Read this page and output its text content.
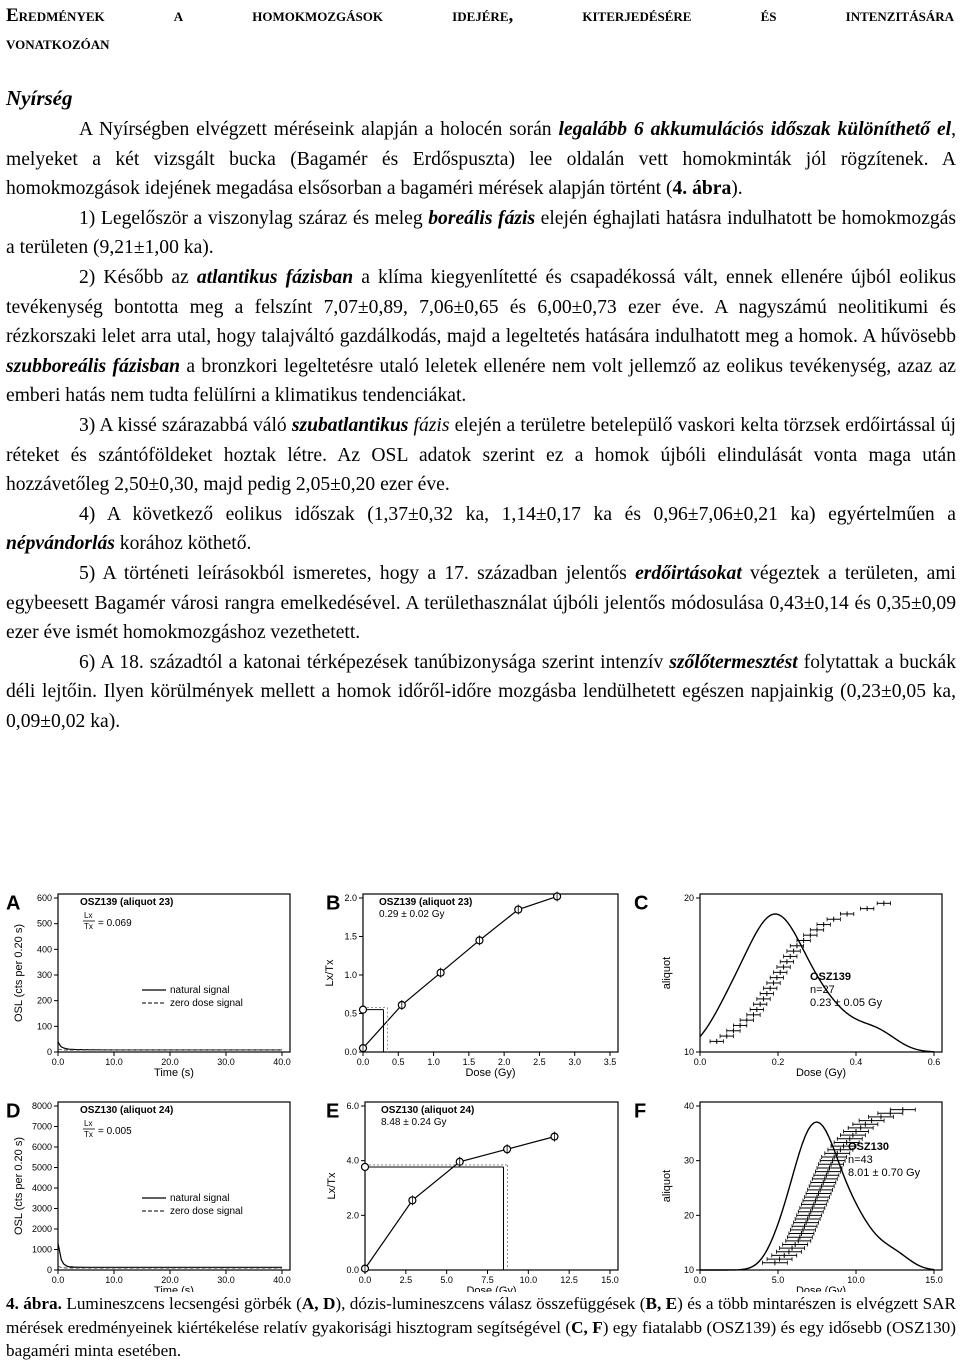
Eredmények a homokmozgások idejére, kiterjedésére és intenzitására
vonatkozóan
Nyírség

A Nyírségben elvégzett méréseink alapján a holocén során legalább 6 akkumulációs időszak különíthető el, melyeket a két vizsgált bucka (Bagamér és Erdőspuszta) lee oldalán vett homokminták jól rögzítenek. A homokmozgások idejének megadása elsősorban a bagaméri mérések alapján történt (4. ábra).

1) Legelőször a viszonylag száraz és meleg boreális fázis elején éghajlati hatásra indulhatott be homokmozgás a területen (9,21±1,00 ka).

2) Később az atlantikus fázisban a klíma kiegyenlítetté és csapadékossá vált, ennek ellenére újból eolikus tevékenység bontotta meg a felszínt 7,07±0,89, 7,06±0,65 és 6,00±0,73 ezer éve. A nagyszámú neolitikumi és rézkorszaki lelet arra utal, hogy talajváltó gazdálkodás, majd a legeltetés hatására indulhatott meg a homok. A hűvösebb szubboreális fázisban a bronzkori legeltetésre utaló leletek ellenére nem volt jellemző az eolikus tevékenység, azaz az emberi hatás nem tudta felülírni a klimatikus tendenciákat.

3) A kissé szárazabbá váló szubatlantikus fázis elején a területre betelepülő vaskori kelta törzsek erdőirtással új réteket és szántóföldeket hoztak létre. Az OSL adatok szerint ez a homok újbóli elindulását vonta maga után hozzávetőleg 2,50±0,30, majd pedig 2,05±0,20 ezer éve.

4) A következő eolikus időszak (1,37±0,32 ka, 1,14±0,17 ka és 0,96±7,06±0,21 ka) egyértelműen a népvándorlás korához köthető.

5) A történeti leírásokból ismeretes, hogy a 17. században jelentős erdőirtásokat végeztek a területen, ami egybeesett Bagamér városi rangra emelkedésével. A területhasználat újbóli jelentős módosulása 0,43±0,14 és 0,35±0,09 ezer éve ismét homokmozgáshoz vezethetett.

6) A 18. századtól a katonai térképezések tanúbizonysága szerint intenzív szőlőtermesztést folytattak a buckák déli lejtőin. Ilyen körülmények mellett a homok időről-időre mozgásba lendülhetett egészen napjainkig (0,23±0,05 ka, 0,09±0,02 ka).

A 600
500
400
300
200
100
0
0.0	10.0	20.0	30.0	40.0
Time (s)
OSL (cts per 0.20 s)
OSZ139 (aliquot 23)
Lx
Tx = 0.069
natural signal
zero dose signal
D 8000
7000
6000
5000
4000
3000
2000
1000
0
0.0	10.0	20.0	30.0	40.0
Time (s)
OSL (cts per 0.20 s)
OSZ130 (aliquot 24)
Lx
Tx = 0.005
natural signal
zero dose signal
B 2.0
1.5
1.0
0.5
0.0
0.0	0.5	1.0	1.5	2.0	2.5	3.0	3.5
Dose (Gy)
Lx/Tx
OSZ139 (aliquot 23)
0.29 ± 0.02 Gy
E 6.0
4.0
2.0
0.0
0.0	2.5	5.0	7.5	10.0	12.5	15.0
Dose (Gy)
Lx/Tx
OSZ130 (aliquot 24)
8.48 ± 0.24 Gy
C	20
10
0.0	0.2	0.4	0.6
Dose (Gy)
aliquot	OSZ139
n=27
0.23 ± 0.05 Gy
F	40
30
20
10
0.0	5.0	10.0	15.0
Dose (Gy)
aliquot
OSZ130
n=43
8.01 ± 0.70 Gy
4. ábra. Lumineszcens lecsengési görbék (A, D), dózis-lumineszcens válasz összefüggések (B, E) és a több mintarészen is elvégzett SAR mérések eredményeinek kiértékelése relatív gyakorisági hisztogram segítségével (C, F) egy fiatalabb (OSZ139) és egy idősebb (OSZ130) bagaméri minta esetében.
